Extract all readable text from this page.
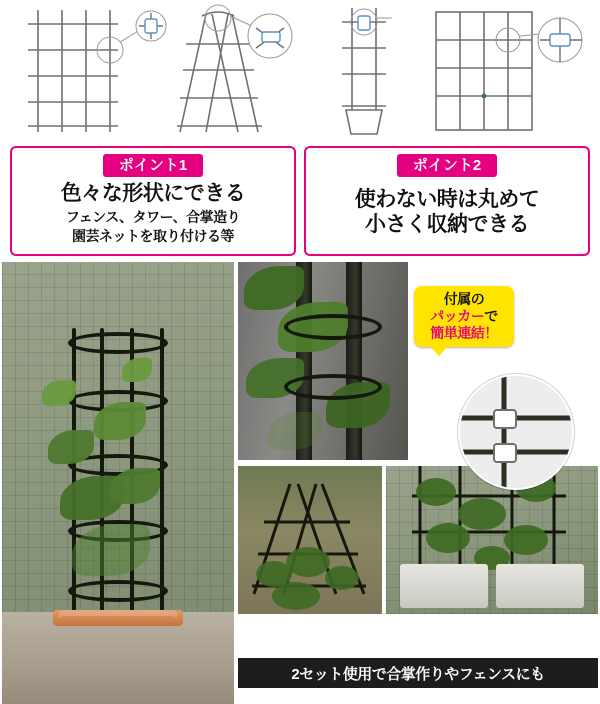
ポイント1
色々な形状にできる
フェンス、タワー、合掌造り
園芸ネットを取り付ける等
ポイント2
使わない時は丸めて
小さく収納できる
付属の
パッカーで
簡単連結！
2セット使用で合掌作りやフェンスにも
